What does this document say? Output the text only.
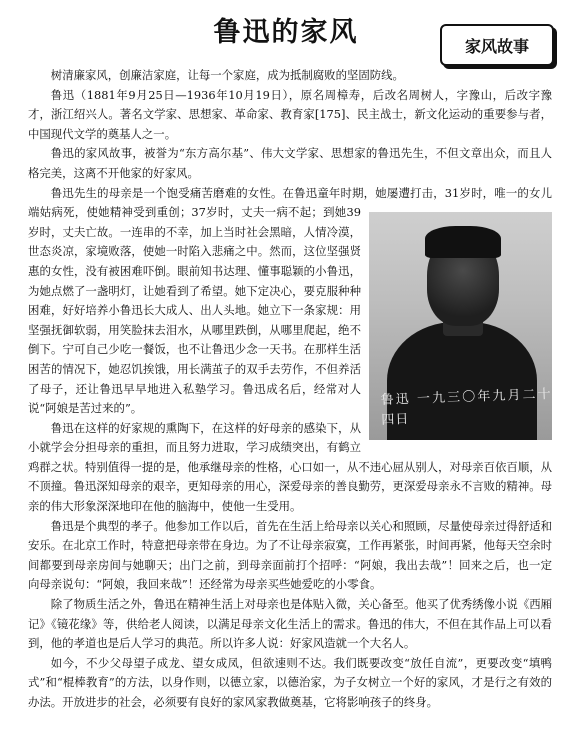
鲁迅的家风	家风故事

树清廉家风，创廉洁家庭，让每一个家庭，成为抵制腐败的坚固防线。

鲁迅（1881年9月25日—1936年10月19日），原名周樟寿，后改名周树人，字豫山，后改字豫才，浙江绍兴人。著名文学家、思想家、革命家、教育家[175]、民主战士，新文化运动的重要参与者，中国现代文学的奠基人之一。

鲁迅的家风故事，被誉为“东方高尔基”、伟大文学家、思想家的鲁迅先生，不但文章出众，而且人格完美，这离不开他家的好家风。

鲁迅先生的母亲是一个饱受痛苦磨难的女性。在鲁迅童年时期，她屡遭打击，31岁时，唯一的女儿端姑病死，使她精神受到重创；37岁时，丈夫一病不起；到她39岁时，丈夫亡故。一连串的不幸，加上当时社会黑暗，人情冷漠，世态炎凉，家境败落，使她一时陷入悲痛之中。然而，这位坚强贤惠的女性，没有被困难吓倒。眼前知书达理、懂事聪颖的小鲁迅，为她点燃了一盏明灯，让她看到了希望。她下定决心，要克服种种困难，好好培养小鲁迅长大成人、出人头地。她立下一条家规：用坚强抚御软弱，用笑脸抹去泪水，从哪里跌倒，从哪里爬起，绝不倒下。宁可自己少吃一餐饭，也不让鲁迅少念一天书。在那样生活困苦的情况下，她忍饥挨饿，用长满茧子的双手去劳作，不但养活了母子，还让鲁迅早早地进入私塾学习。鲁迅成名后，经常对人说“阿娘是苦过来的”。

鲁迅 一九三〇年九月二十四日

鲁迅在这样的好家规的熏陶下，在这样的好母亲的感染下，从小就学会分担母亲的重担，而且努力进取，学习成绩突出，有鹤立鸡群之状。特别值得一提的是，他承继母亲的性格，心口如一，从不违心屈从别人，对母亲百依百顺，从不顶撞。鲁迅深知母亲的艰辛，更知母亲的用心，深爱母亲的善良勤劳，更深爱母亲永不言败的精神。母亲的伟大形象深深地印在他的脑海中，使他一生受用。

鲁迅是个典型的孝子。他参加工作以后，首先在生活上给母亲以关心和照顾，尽量使母亲过得舒适和安乐。在北京工作时，特意把母亲带在身边。为了不让母亲寂寞，工作再紧张，时间再紧，他每天空余时间都要到母亲房间与她聊天；出门之前，到母亲面前打个招呼：“阿娘，我出去哉”！回来之后，也一定向母亲说句：“阿娘，我回来哉”！还经常为母亲买些她爱吃的小零食。

除了物质生活之外，鲁迅在精神生活上对母亲也是体贴入微，关心备至。他买了优秀绣像小说《西厢记》《镜花缘》等，供给老人阅读，以满足母亲文化生活上的需求。鲁迅的伟大，不但在其作品上可以看到，他的孝道也是后人学习的典范。所以许多人说：好家风造就一个大名人。

如今，不少父母望子成龙、望女成凤，但欲速则不达。我们既要改变“放任自流”，更要改变“填鸭式”和“棍棒教育”的方法，以身作则，以德立家，以德治家，为子女树立一个好的家风，才是行之有效的办法。开放进步的社会，必须要有良好的家风家教做奠基，它将影响孩子的终身。
